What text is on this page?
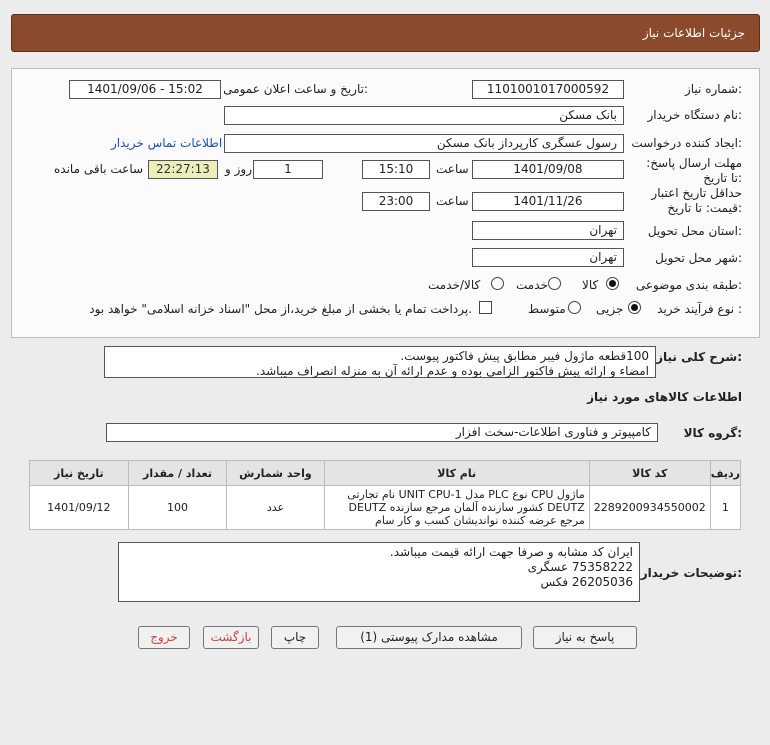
جزئیات اطلاعات نیاز
شماره نیاز:
1101001017000592
تاریخ و ساعت اعلان عمومی:
1401/09/06 - 15:02
نام دستگاه خریدار:
بانک مسکن
ایجاد کننده درخواست:
رسول عسگری کارپرداز بانک مسکن
اطلاعات تماس خریدار
مهلت ارسال پاسخ: تا تاریخ:
1401/09/08
ساعت
15:10
1
روز و
22:27:13
ساعت باقی مانده
حداقل تاریخ اعتبار قیمت: تا تاریخ:
1401/11/26
ساعت
23:00
استان محل تحویل:
تهران
شهر محل تحویل:
تهران
طبقه بندی موضوعی:
کالا
خدمت
کالا/خدمت
نوع فرآیند خرید :
جزیی
متوسط
پرداخت تمام یا بخشی از مبلغ خرید،از محل "اسناد خزانه اسلامی" خواهد بود.
شرح کلی نیاز:
100قطعه ماژول فیبر مطابق پیش فاکتور پیوست.
امضاء و ارائه پیش فاکتور الزامی بوده و عدم ارائه آن به منزله انصراف میباشد.
اطلاعات کالاهای مورد نیاز
گروه کالا:
کامپیوتر و فناوری اطلاعات-سخت افزار
ردیف	کد کالا	نام کالا	واحد شمارش	تعداد / مقدار	تاریخ نیاز
1	2289200934550002	ماژول CPU نوع PLC مدل UNIT CPU-1 نام تجارتی DEUTZ کشور سازنده آلمان مرجع سازنده DEUTZ مرجع عرضه کننده نواندیشان کسب و کار سام	عدد	100	1401/09/12
توضیحات خریدار:
ایران کد مشابه و صرفا جهت ارائه قیمت میباشد.
75358222 عسگری
26205036 فکس
پاسخ به نیاز
مشاهده مدارک پیوستی (1)
چاپ
بازگشت
خروج
